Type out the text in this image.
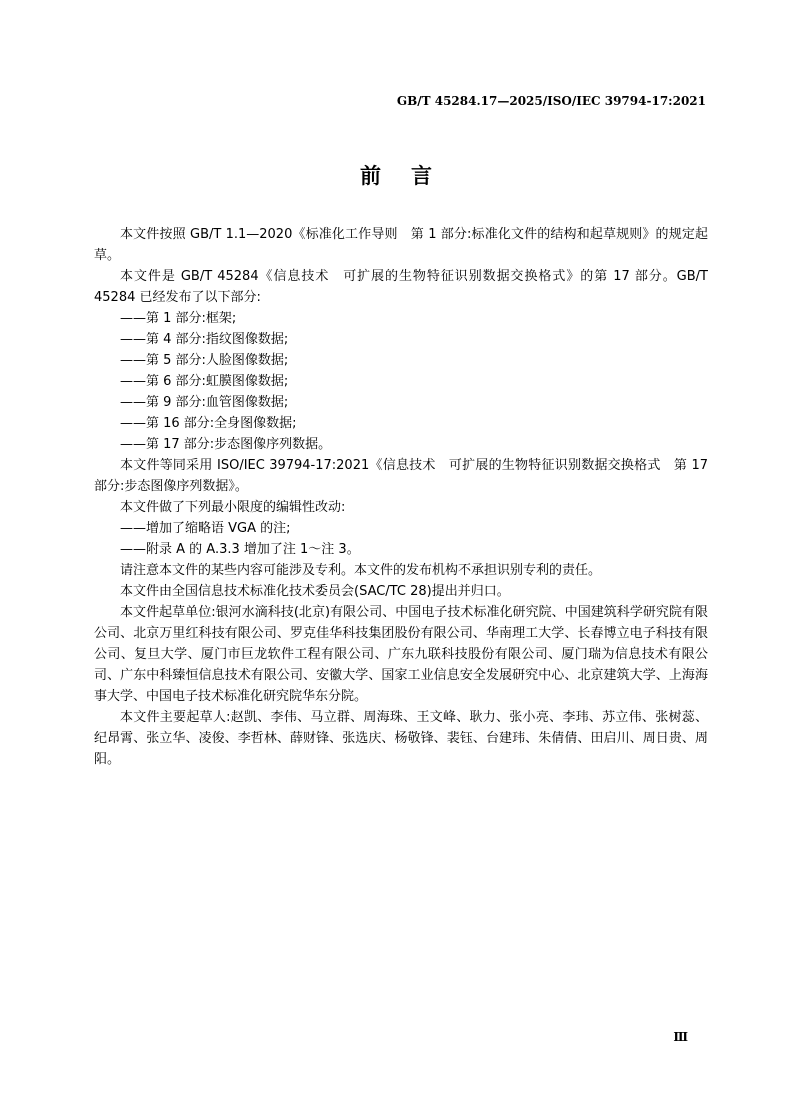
GB/T 45284.17—2025/ISO/IEC 39794-17:2021
前言

本文件按照 GB/T 1.1—2020《标准化工作导则　第 1 部分:标准化文件的结构和起草规则》的规定起草。

本文件是 GB/T 45284《信息技术　可扩展的生物特征识别数据交换格式》的第 17 部分。GB/T 45284 已经发布了以下部分:

——第 1 部分:框架;

——第 4 部分:指纹图像数据;

——第 5 部分:人脸图像数据;

——第 6 部分:虹膜图像数据;

——第 9 部分:血管图像数据;

——第 16 部分:全身图像数据;

——第 17 部分:步态图像序列数据。

本文件等同采用 ISO/IEC 39794-17:2021《信息技术　可扩展的生物特征识别数据交换格式　第 17 部分:步态图像序列数据》。

本文件做了下列最小限度的编辑性改动:

——增加了缩略语 VGA 的注;

——附录 A 的 A.3.3 增加了注 1～注 3。

请注意本文件的某些内容可能涉及专利。本文件的发布机构不承担识别专利的责任。

本文件由全国信息技术标准化技术委员会(SAC/TC 28)提出并归口。

本文件起草单位:银河水滴科技(北京)有限公司、中国电子技术标准化研究院、中国建筑科学研究院有限公司、北京万里红科技有限公司、罗克佳华科技集团股份有限公司、华南理工大学、长春博立电子科技有限公司、复旦大学、厦门市巨龙软件工程有限公司、广东九联科技股份有限公司、厦门瑞为信息技术有限公司、广东中科臻恒信息技术有限公司、安徽大学、国家工业信息安全发展研究中心、北京建筑大学、上海海事大学、中国电子技术标准化研究院华东分院。

本文件主要起草人:赵凯、李伟、马立群、周海珠、王文峰、耿力、张小亮、李玮、苏立伟、张树蕊、纪昂霄、张立华、凌俊、李哲林、薛财锋、张选庆、杨敬锋、裴钰、台建玮、朱倩倩、田启川、周日贵、周阳。

Ⅲ
